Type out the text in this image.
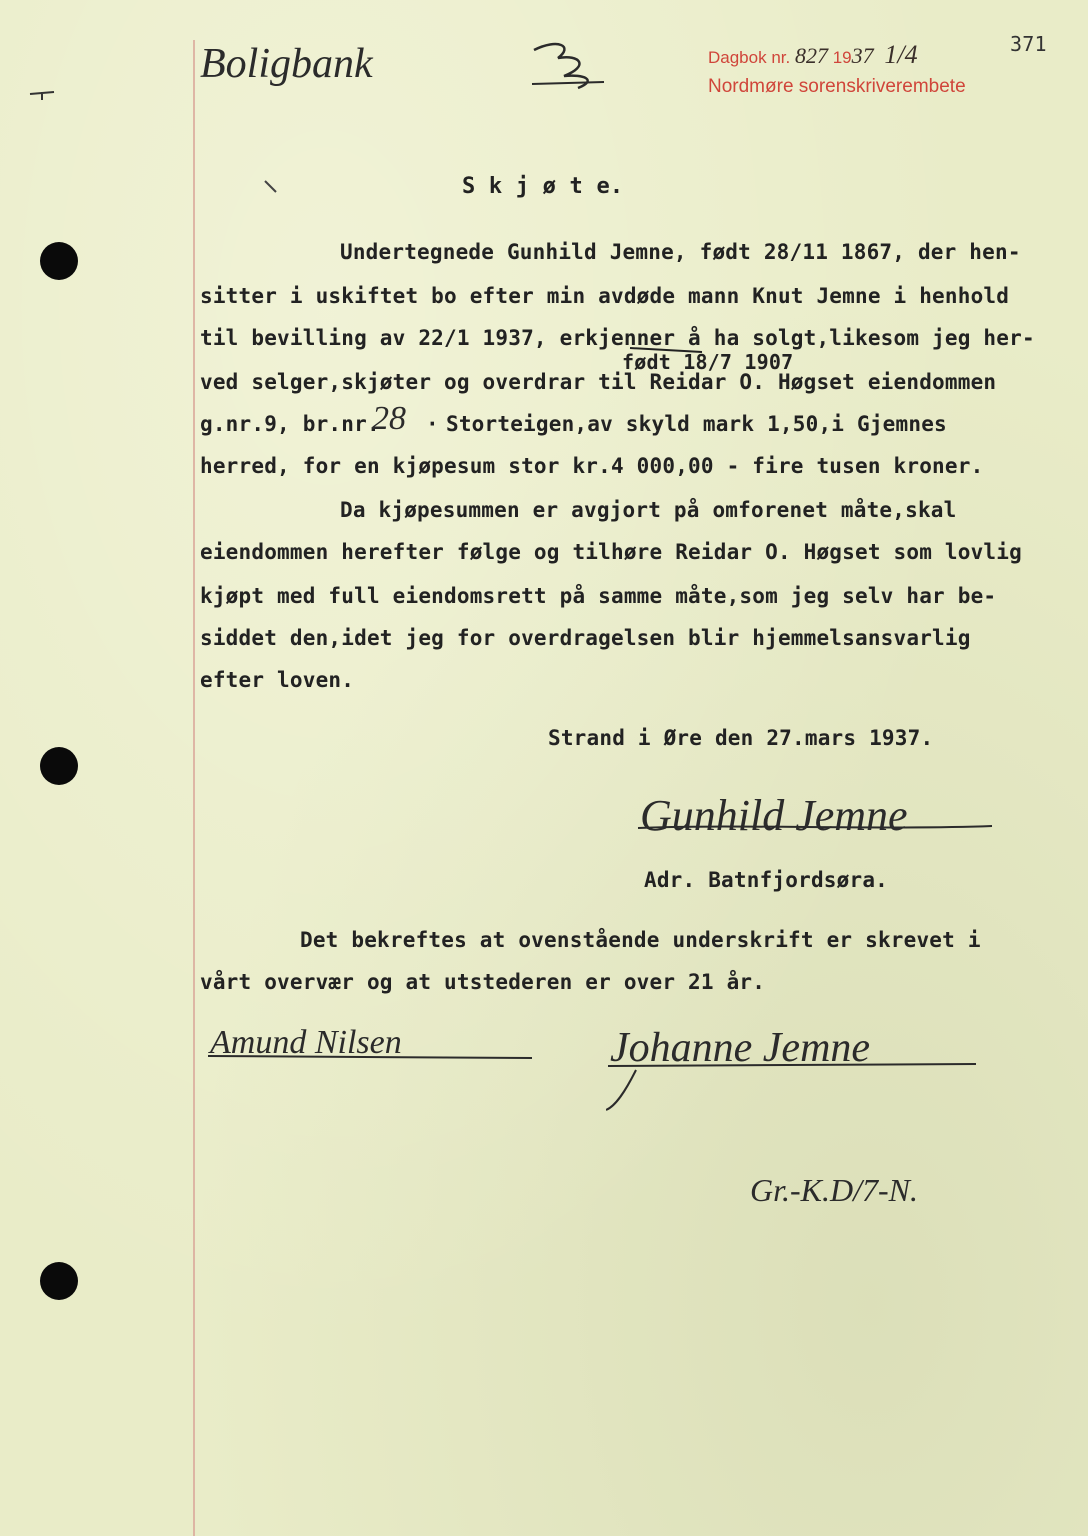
Boligbank	Dagbok nr. 827 1937 1/4
Nordmøre sorenskriverembete
371
S k j ø t e.
Undertegnede Gunhild Jemne, født 28/11 1867, der hen-
sitter i uskiftet bo efter min avdøde mann Knut Jemne i henhold
til bevilling av 22/1 1937, erkjenner å ha solgt,likesom jeg her-
født 18/7 1907
ved selger,skjøter og overdrar til Reidar O. Høgset eiendommen
g.nr.9, br.nr.
28 · Storteigen,av skyld mark 1,50,i Gjemnes
herred, for en kjøpesum stor kr.4 000,00 - fire tusen kroner.
Da kjøpesummen er avgjort på omforenet måte,skal
eiendommen herefter følge og tilhøre Reidar O. Høgset som lovlig
kjøpt med full eiendomsrett på samme måte,som jeg selv har be-
siddet den,idet jeg for overdragelsen blir hjemmelsansvarlig
efter loven.
Strand i Øre den 27.mars 1937.
Gunhild Jemne
Adr. Batnfjordsøra.
Det bekreftes at ovenstående underskrift er skrevet i
vårt overvær og at utstederen er over 21 år.
Amund Nilsen	Johanne Jemne
Gr.-K.D/7-N.
